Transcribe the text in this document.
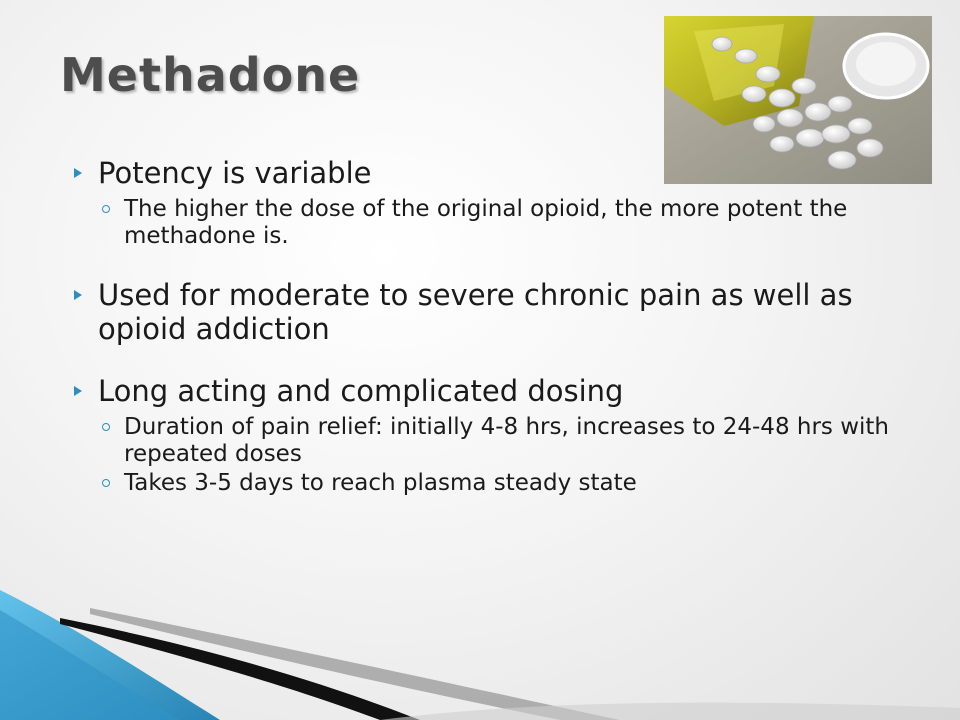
Methadone
Potency is variable
The higher the dose of the original opioid, the more potent the methadone is.
Used for moderate to severe chronic pain as well as opioid addiction
Long acting and complicated dosing
Duration of pain relief: initially 4-8 hrs, increases to 24-48 hrs with repeated doses
Takes 3-5 days to reach plasma steady state
